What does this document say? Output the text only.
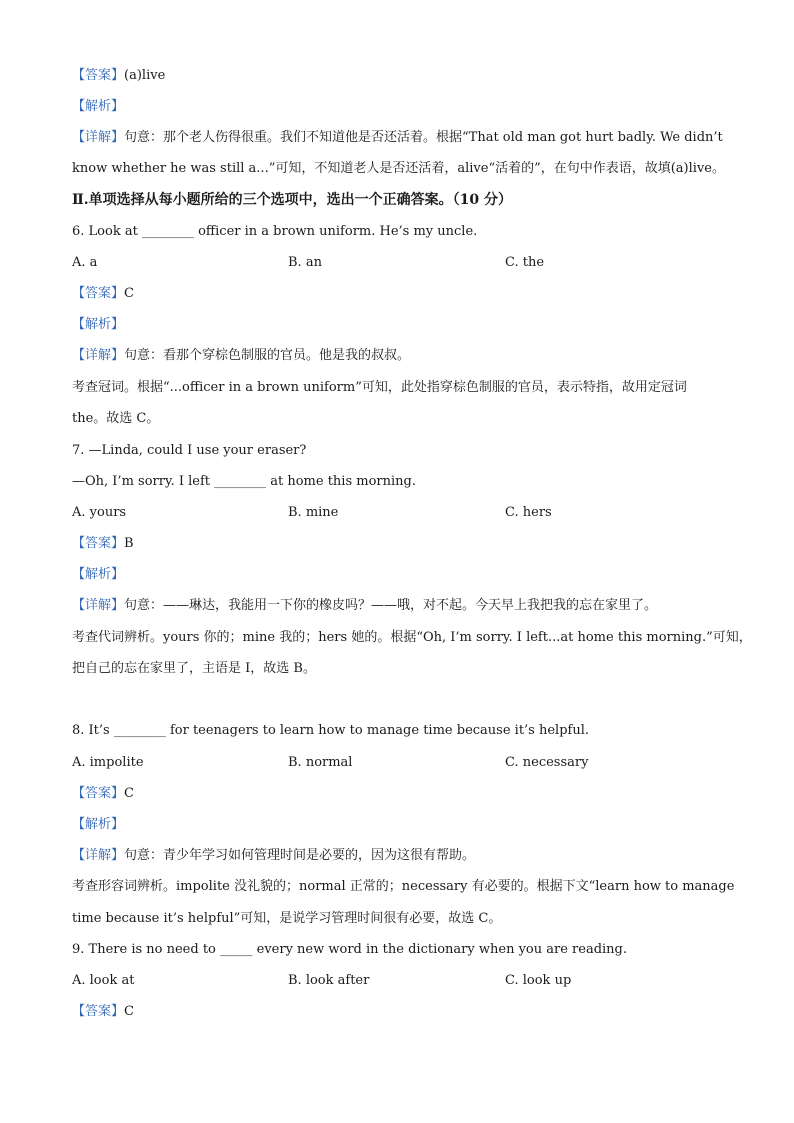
【答案】(a)live
【解析】
【详解】句意：那个老人伤得很重。我们不知道他是否还活着。根据“That old man got hurt badly. We didn’t
know whether he was still a...”可知，不知道老人是否还活着，alive“活着的”，在句中作表语，故填(a)live。
Ⅱ.单项选择从每小题所给的三个选项中，选出一个正确答案。（10 分）
6. Look at ________ officer in a brown uniform. He’s my uncle.
A. a	B. an	C. the
【答案】C
【解析】
【详解】句意：看那个穿棕色制服的官员。他是我的叔叔。
考查冠词。根据“...officer in a brown uniform”可知，此处指穿棕色制服的官员，表示特指，故用定冠词
the。故选 C。
7. —Linda, could I use your eraser?
—Oh, I’m sorry. I left ________ at home this morning.
A. yours	B. mine	C. hers
【答案】B
【解析】
【详解】句意：——琳达，我能用一下你的橡皮吗？——哦，对不起。今天早上我把我的忘在家里了。
考查代词辨析。yours 你的；mine 我的；hers 她的。根据“Oh, I’m sorry. I left...at home this morning.”可知，
把自己的忘在家里了，主语是 I，故选 B。
8. It’s ________ for teenagers to learn how to manage time because it’s helpful.
A. impolite	B. normal	C. necessary
【答案】C
【解析】
【详解】句意：青少年学习如何管理时间是必要的，因为这很有帮助。
考查形容词辨析。impolite 没礼貌的；normal 正常的；necessary 有必要的。根据下文“learn how to manage
time because it’s helpful”可知，是说学习管理时间很有必要，故选 C。
9. There is no need to _____ every new word in the dictionary when you are reading.
A. look at	B. look after	C. look up
【答案】C
